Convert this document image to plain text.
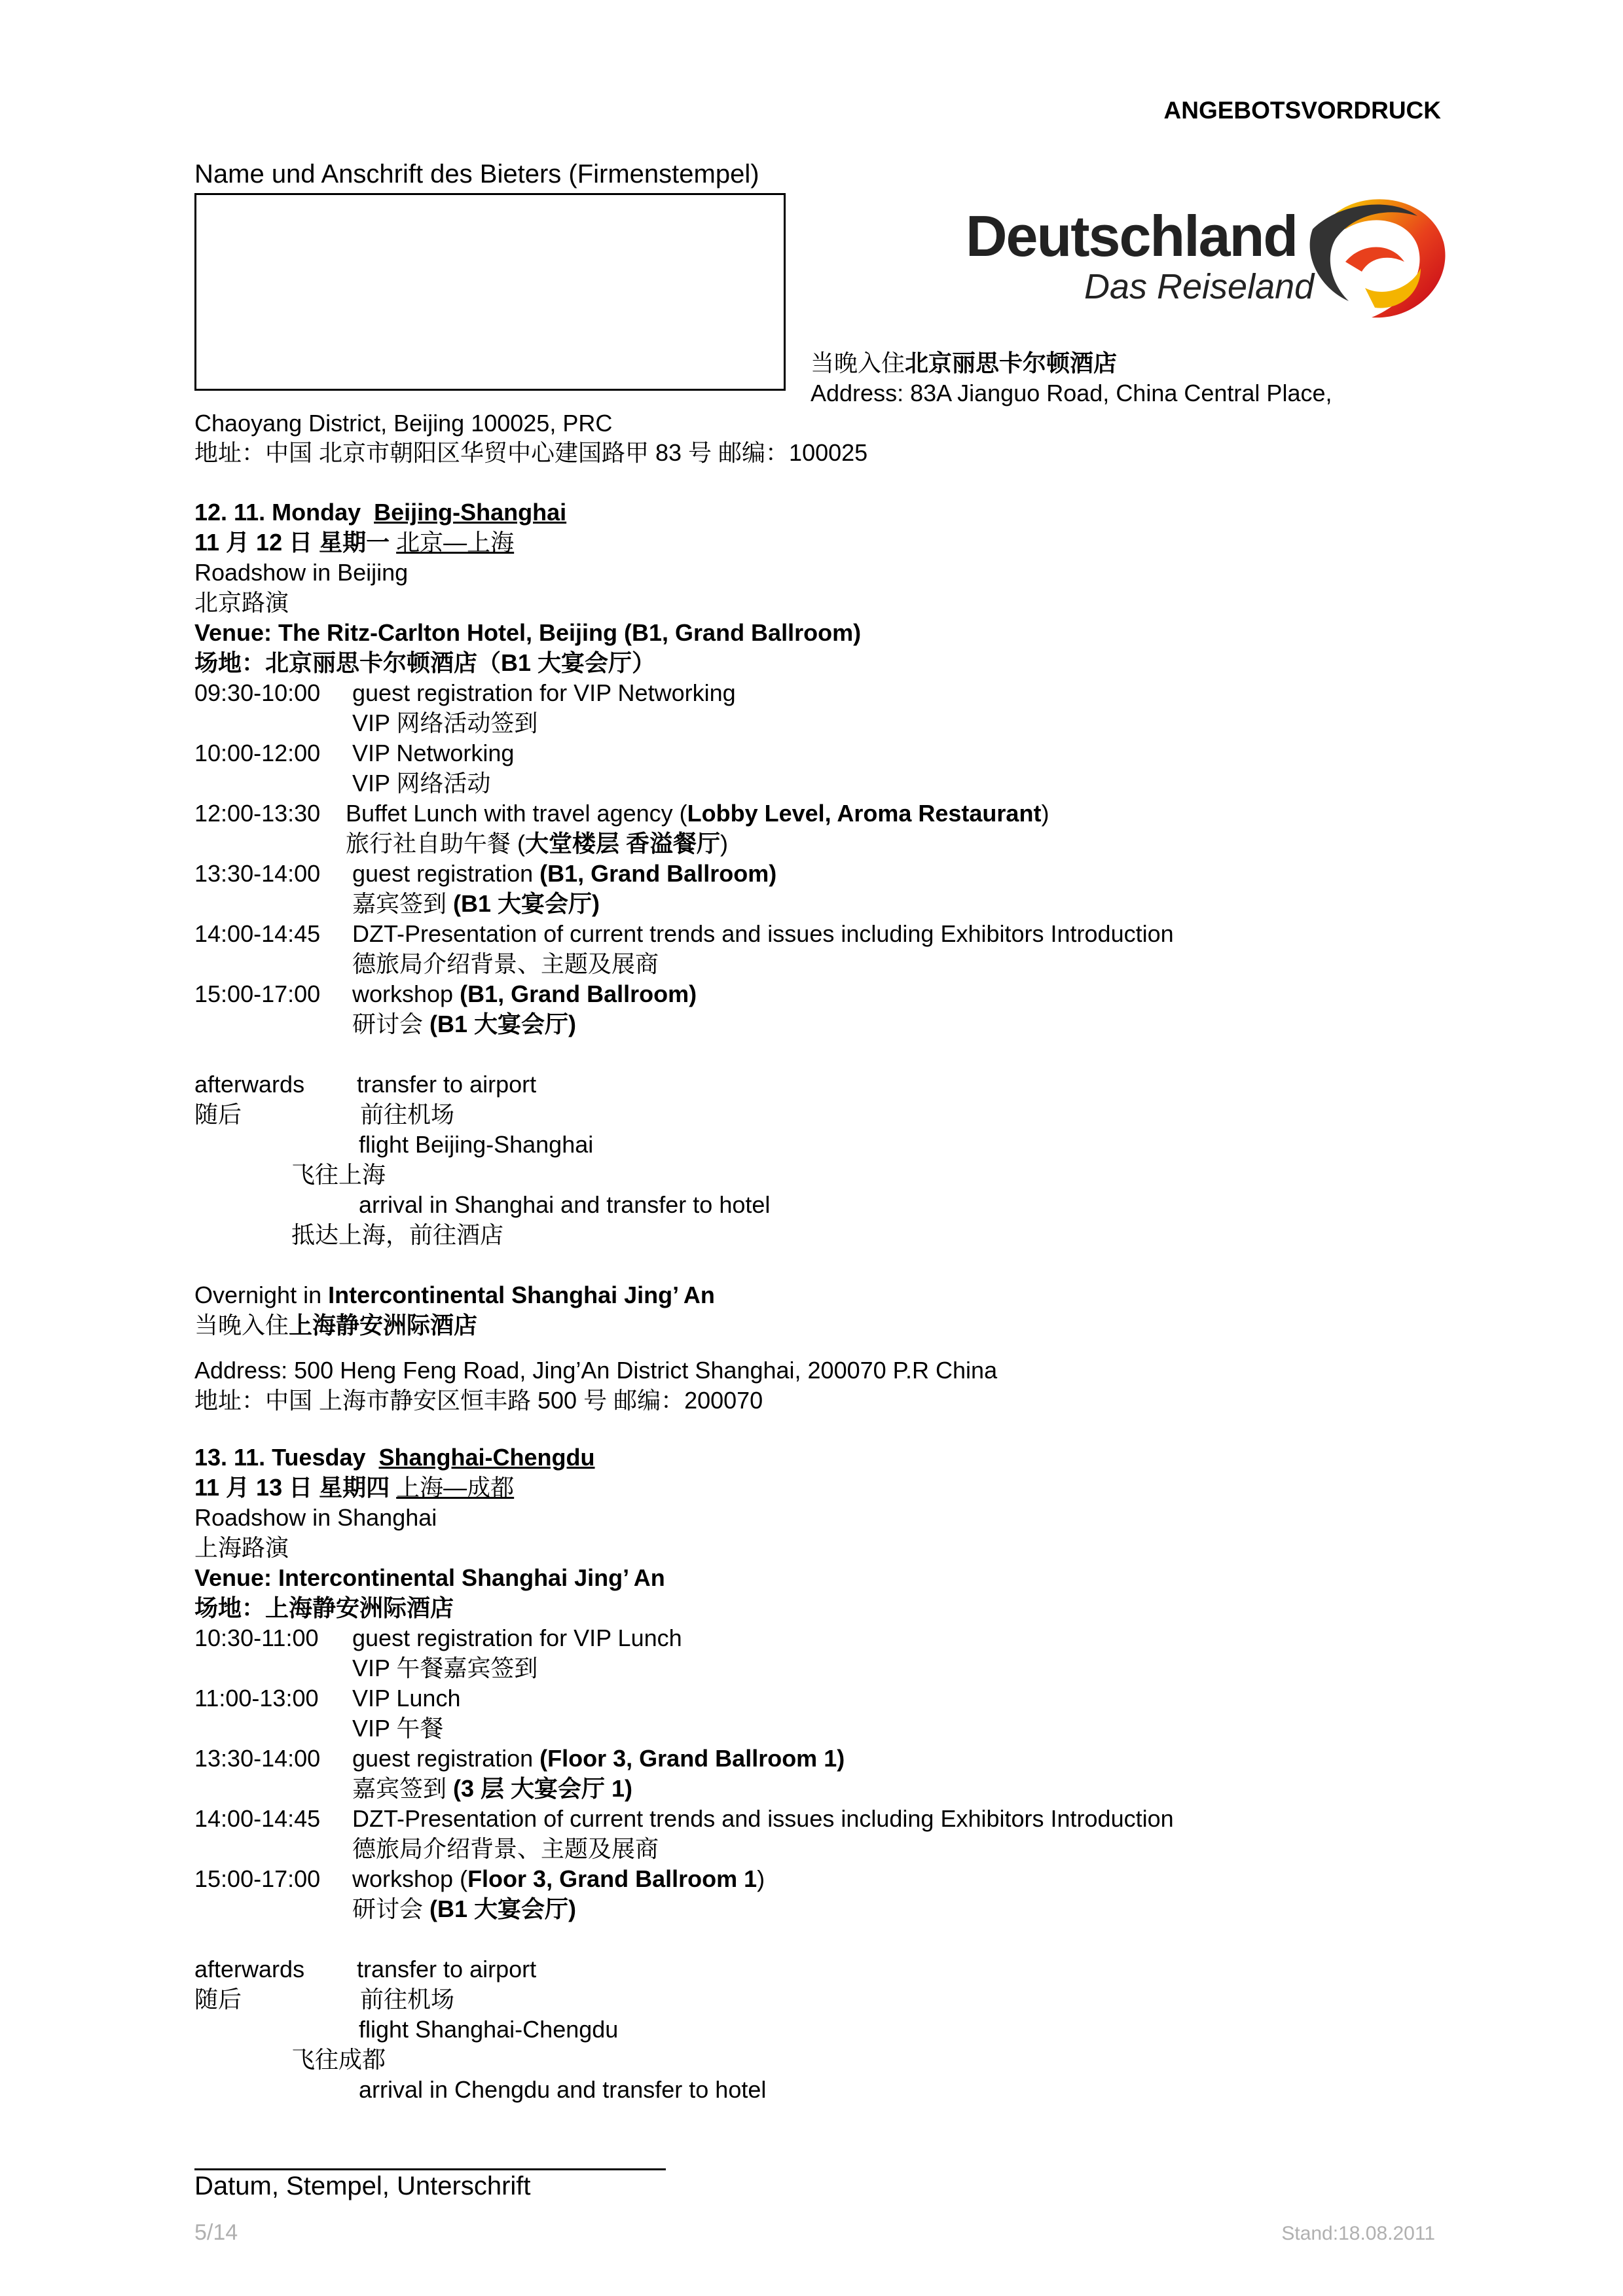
ANGEBOTSVORDRUCK
Name und Anschrift des Bieters (Firmenstempel)
Deutschland
Das Reiseland
当晚入住北京丽思卡尔顿酒店
Address: 83A Jianguo Road, China Central Place,
Chaoyang District, Beijing 100025, PRC
地址：中国 北京市朝阳区华贸中心建国路甲 83 号 邮编：100025
12. 11. Monday Beijing-Shanghai
11 月 12 日 星期一 北京—上海
Roadshow in Beijing
北京路演
Venue: The Ritz-Carlton Hotel, Beijing (B1, Grand Ballroom)
场地：北京丽思卡尔顿酒店（B1 大宴会厅）
09:30-10:00 guest registration for VIP Networking
VIP 网络活动签到
10:00-12:00 VIP Networking
VIP 网络活动
12:00-13:30 Buffet Lunch with travel agency (Lobby Level, Aroma Restaurant)
旅行社自助午餐 (大堂楼层 香溢餐厅)
13:30-14:00 guest registration (B1, Grand Ballroom)
嘉宾签到 (B1 大宴会厅)
14:00-14:45 DZT-Presentation of current trends and issues including Exhibitors Introduction
德旅局介绍背景、主题及展商
15:00-17:00 workshop (B1, Grand Ballroom)
研讨会 (B1 大宴会厅)
afterwards transfer to airport
随后	前往机场
flight Beijing-Shanghai
飞往上海
arrival in Shanghai and transfer to hotel
抵达上海，前往酒店
Overnight in Intercontinental Shanghai Jing’ An
当晚入住上海静安洲际酒店
Address: 500 Heng Feng Road, Jing’An District Shanghai, 200070 P.R China
地址：中国 上海市静安区恒丰路 500 号 邮编：200070
13. 11. Tuesday Shanghai-Chengdu
11 月 13 日 星期四 上海—成都
Roadshow in Shanghai
上海路演
Venue: Intercontinental Shanghai Jing’ An
场地：上海静安洲际酒店
10:30-11:00 guest registration for VIP Lunch
VIP 午餐嘉宾签到
11:00-13:00 VIP Lunch
VIP 午餐
13:30-14:00 guest registration (Floor 3, Grand Ballroom 1)
嘉宾签到 (3 层 大宴会厅 1)
14:00-14:45 DZT-Presentation of current trends and issues including Exhibitors Introduction
德旅局介绍背景、主题及展商
15:00-17:00 workshop (Floor 3, Grand Ballroom 1)
研讨会 (B1 大宴会厅)
afterwards transfer to airport
随后	前往机场
flight Shanghai-Chengdu
飞往成都
arrival in Chengdu and transfer to hotel
Datum, Stempel, Unterschrift
5/14	Stand:18.08.2011
